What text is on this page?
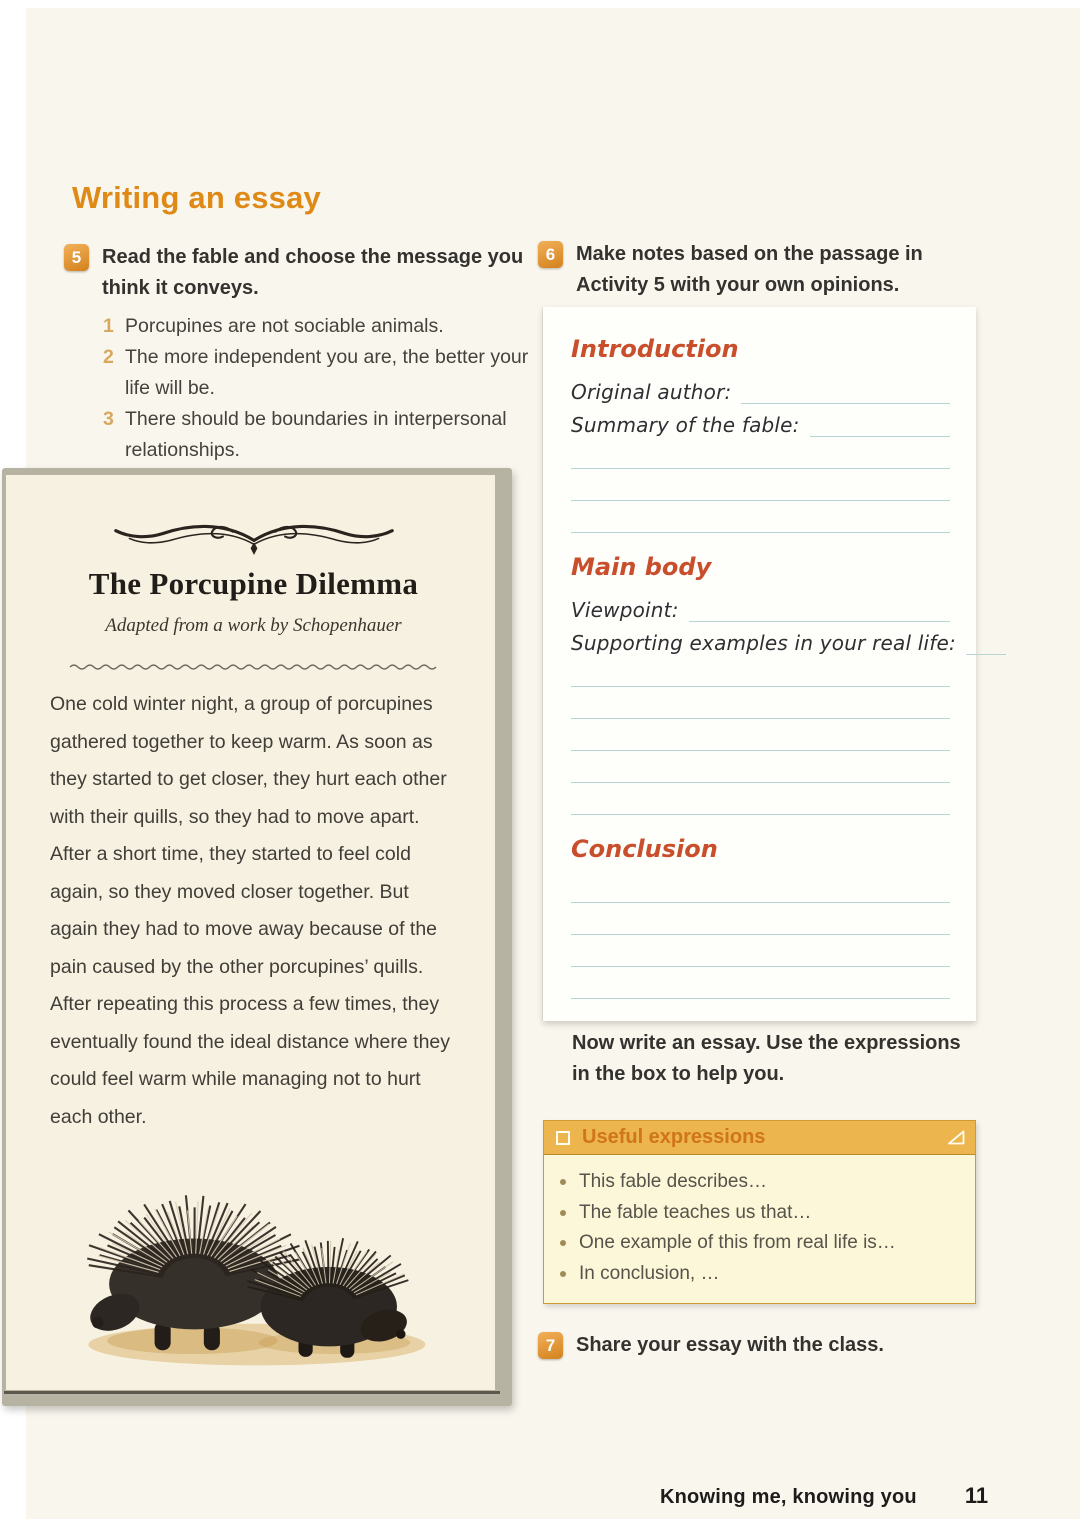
Writing an essay
5	Read the fable and choose the message you think it conveys.
1 Porcupines are not sociable animals.
2 The more independent you are, the better your life will be.
3 There should be boundaries in interpersonal relationships.
The Porcupine Dilemma
Adapted from a work by Schopenhauer

One cold winter night, a group of porcupines gathered together to keep warm. As soon as they started to get closer, they hurt each other with their quills, so they had to move apart. After a short time, they started to feel cold again, so they moved closer together. But again they had to move away because of the pain caused by the other porcupines’ quills. After repeating this process a few times, they eventually found the ideal distance where they could feel warm while managing not to hurt each other.

6	Make notes based on the passage in Activity 5 with your own opinions.
Introduction
Original author:
Summary of the fable:
Main body
Viewpoint:
Supporting examples in your real life:
Conclusion

Now write an essay. Use the expressions in the box to help you.

Useful expressions
This fable describes…
The fable teaches us that…
One example of this from real life is…
In conclusion, …
7	Share your essay with the class.
Knowing me, knowing you 11
